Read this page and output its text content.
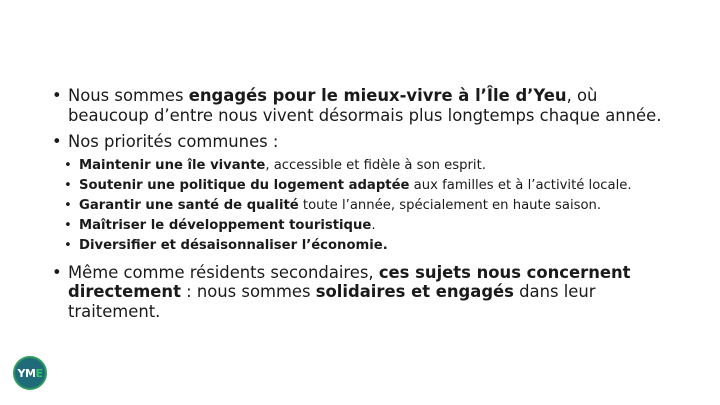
• Nous sommes engagés pour le mieux-vivre à l’Île d’Yeu, où beaucoup d’entre nous vivent désormais plus longtemps chaque année.
• Nos priorités communes :
• Maintenir une île vivante, accessible et fidèle à son esprit.
• Soutenir une politique du logement adaptée aux familles et à l’activité locale.
• Garantir une santé de qualité toute l’année, spécialement en haute saison.
• Maîtriser le développement touristique.
• Diversifier et désaisonnaliser l’économie.
• Même comme résidents secondaires, ces sujets nous concernent directement : nous sommes solidaires et engagés dans leur traitement.
YME
